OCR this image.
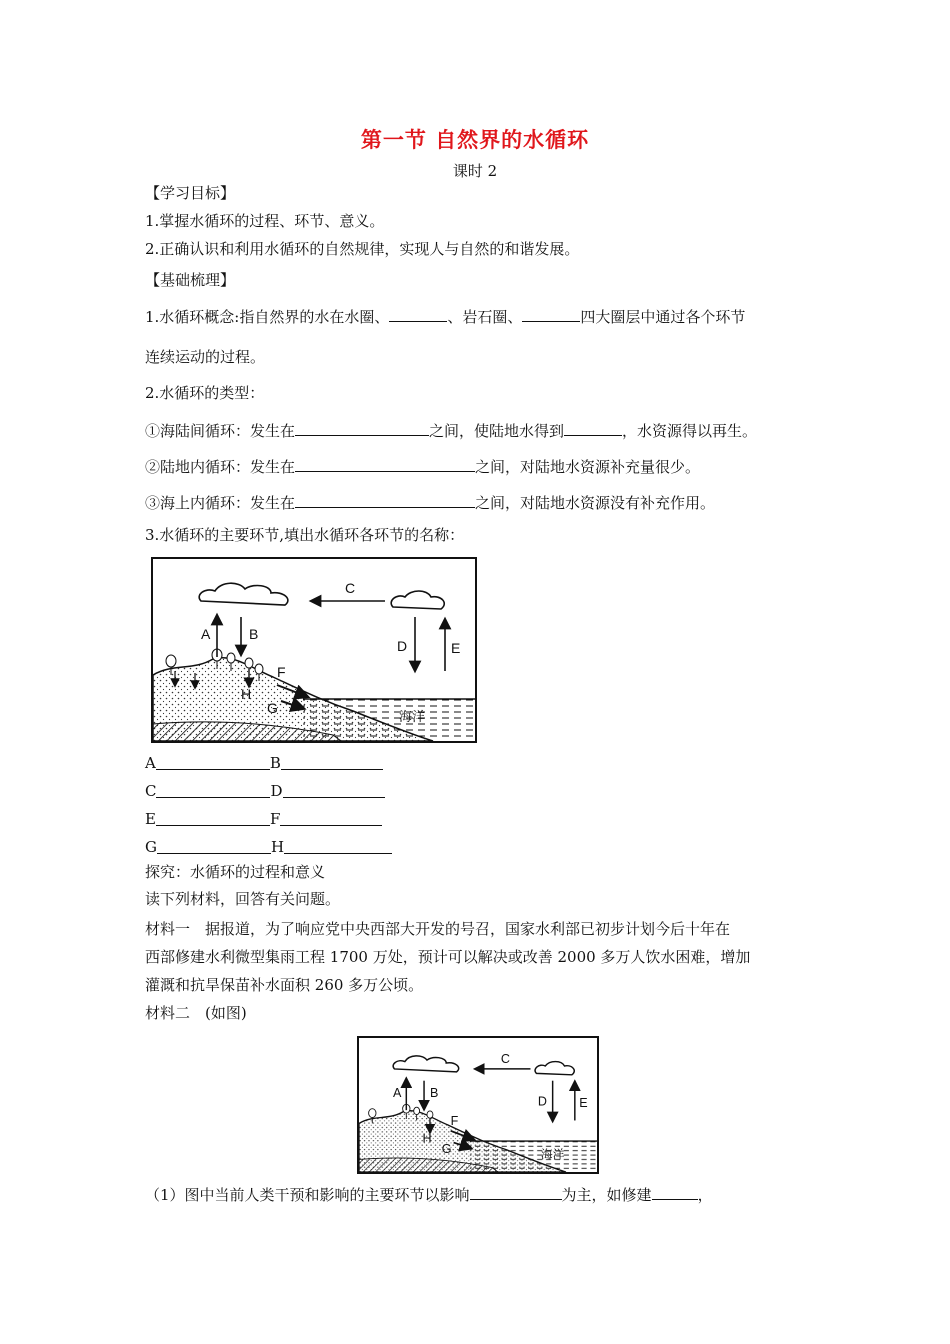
第一节 自然界的水循环
课时 2
【学习目标】
1.掌握水循环的过程、环节、意义。
2.正确认识和利用水循环的自然规律，实现人与自然的和谐发展。
【基础梳理】
1.水循环概念:指自然界的水在水圈、	、岩石圈、	四大圈层中通过各个环节
连续运动的过程。
2.水循环的类型：
①海陆间循环：发生在	之间，使陆地水得到	，水资源得以再生。
②陆地内循环：发生在	之间，对陆地水资源补充量很少。
③海上内循环：发生在	之间，对陆地水资源没有补充作用。
3.水循环的主要环节,填出水循环各环节的名称：
A	B
C
D	E
F
G
H
海洋
A	B
C	D
E	F
G	H
探究：水循环的过程和意义
读下列材料，回答有关问题。
材料一　据报道，为了响应党中央西部大开发的号召，国家水利部已初步计划今后十年在
西部修建水利微型集雨工程 1700 万处，预计可以解决或改善 2000 多万人饮水困难，增加
灌溉和抗旱保苗补水面积 260 多万公顷。
材料二　(如图)
A B
C
D E
F
G
H
海洋
（1）图中当前人类干预和影响的主要环节以影响	为主，如修建	，
